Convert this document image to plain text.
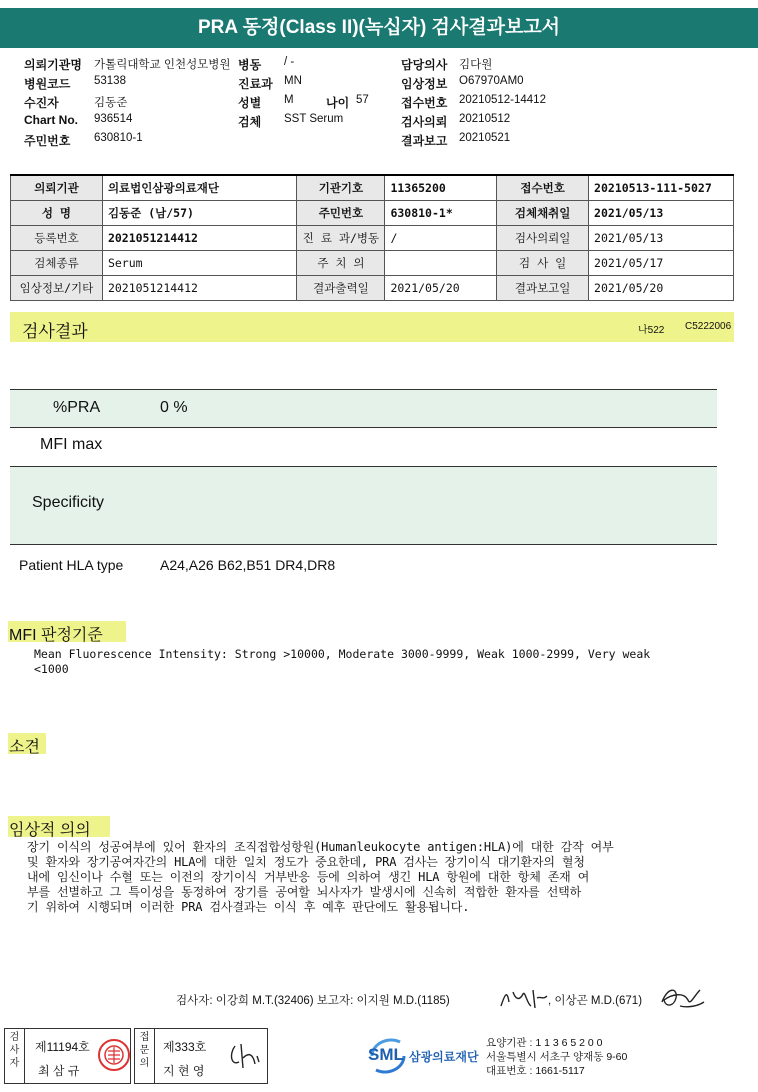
PRA 동정(Class II)(녹십자) 검사결과보고서
의뢰기관명	가톨릭대학교 인천성모병원
병원코드	53138
수진자	김동준
Chart No.	936514
주민번호	630810-1
병동	/ -
진료과 MN
성별	M	나이 57
검체	SST Serum
담당의사	김다원
임상정보	O67970AM0
접수번호	20210512-14412
검사의뢰	20210512
결과보고	20210521
의뢰기관	의료법인삼광의료재단	기관기호	11365200	접수번호	20210513-111-5027
성 명	김동준 (남/57)	주민번호	630810-1*	검체채취일	2021/05/13
등록번호	2021051214412	진 료 과/병동	/	검사의뢰일	2021/05/13
검체종류	Serum	주 치 의		검 사 일	2021/05/17
임상정보/기타	2021051214412	결과출력일	2021/05/20	결과보고일	2021/05/20
검사결과	나522 C5222006
%PRA	0 %
MFI max
Specificity
Patient HLA type	A24,A26 B62,B51 DR4,DR8
MFI 판정기준
Mean Fluorescence Intensity: Strong >10000, Moderate 3000-9999, Weak 1000-2999, Very weak
<1000
소견
임상적 의의
장기 이식의 성공여부에 있어 환자의 조직접합성항원(Humanleukocyte antigen:HLA)에 대한 감작 여부
및 환자와 장기공여자간의 HLA에 대한 일치 정도가 중요한데, PRA 검사는 장기이식 대기환자의 혈청
내에 임신이나 수혈 또는 이전의 장기이식 거부반응 등에 의하여 생긴 HLA 항원에 대한 항체 존재 여
부를 선별하고 그 특이성을 동정하여 장기를 공여할 뇌사자가 발생시에 신속히 적합한 환자를 선택하
기 위하여 시행되며 이러한 PRA 검사결과는 이식 후 예후 판단에도 활용됩니다.
검사자: 이강희 M.T.(32406) 보고자: 이지원 M.D.(1185)	, 이상곤 M.D.(671)
검사자
제11194호
최 삼 규
접문의
제333호
지 현 영
SML 삼광의료재단
요양기관 : 1 1 3 6 5 2 0 0
서울특별시 서초구 양재동 9-60
대표번호 : 1661-5117
